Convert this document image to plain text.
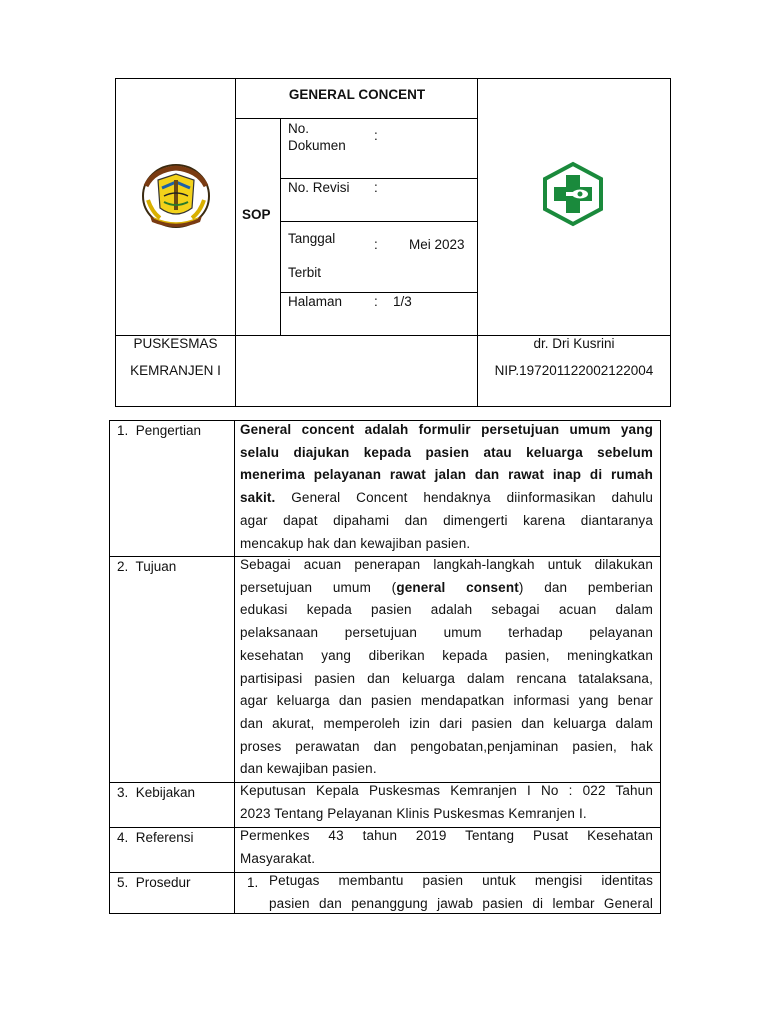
GENERAL CONCENT
SOP
No.
Dokumen
:
No. Revisi :
Tanggal
Terbit
: Mei 2023
Halaman : 1/3
PUSKESMAS
KEMRANJEN I
dr. Dri Kusrini
NIP.197201122002122004
1.  Pengertian
2.  Tujuan
3.  Kebijakan
4.  Referensi
5.  Prosedur
General concent adalah formulir persetujuan umum yang
selalu diajukan kepada pasien atau keluarga sebelum
menerima pelayanan rawat jalan dan rawat inap di rumah
sakit. General Concent hendaknya diinformasikan dahulu
agar dapat dipahami dan dimengerti karena diantaranya
mencakup hak dan kewajiban pasien.
Sebagai acuan penerapan langkah-langkah untuk dilakukan
persetujuan umum (general consent) dan pemberian
edukasi kepada pasien adalah sebagai acuan dalam
pelaksanaan persetujuan umum terhadap pelayanan
kesehatan yang diberikan kepada pasien, meningkatkan
partisipasi pasien dan keluarga dalam rencana tatalaksana,
agar keluarga dan pasien mendapatkan informasi yang benar
dan akurat, memperoleh izin dari pasien dan keluarga dalam
proses perawatan dan pengobatan,penjaminan pasien, hak
dan kewajiban pasien.
Keputusan Kepala Puskesmas Kemranjen I No : 022 Tahun
2023 Tentang Pelayanan Klinis Puskesmas Kemranjen I.
Permenkes 43 tahun 2019 Tentang Pusat Kesehatan
Masyarakat.
1. Petugas membantu pasien untuk mengisi identitas
pasien dan penanggung jawab pasien di lembar General
